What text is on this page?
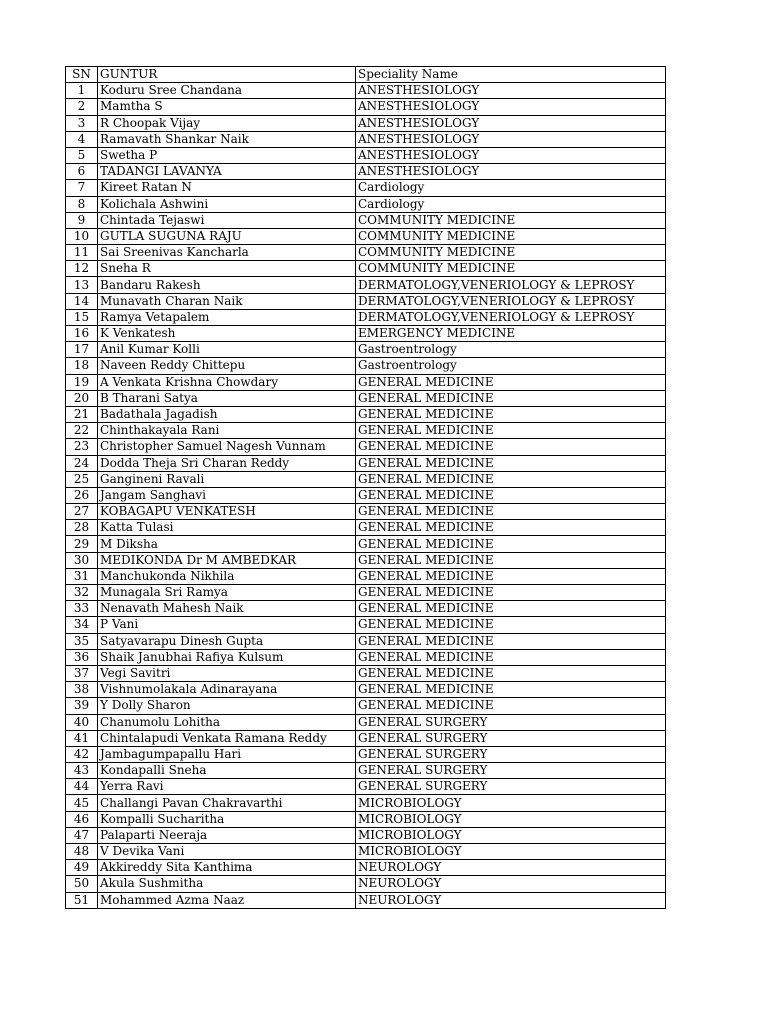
SN	GUNTUR	Speciality Name
1	Koduru Sree Chandana	ANESTHESIOLOGY
2	Mamtha S	ANESTHESIOLOGY
3	R Choopak Vijay	ANESTHESIOLOGY
4	Ramavath Shankar Naik	ANESTHESIOLOGY
5	Swetha P	ANESTHESIOLOGY
6	TADANGI LAVANYA	ANESTHESIOLOGY
7	Kireet Ratan N	Cardiology
8	Kolichala Ashwini	Cardiology
9	Chintada Tejaswi	COMMUNITY MEDICINE
10	GUTLA SUGUNA RAJU	COMMUNITY MEDICINE
11	Sai Sreenivas Kancharla	COMMUNITY MEDICINE
12	Sneha R	COMMUNITY MEDICINE
13	Bandaru Rakesh	DERMATOLOGY,VENERIOLOGY & LEPROSY
14	Munavath Charan Naik	DERMATOLOGY,VENERIOLOGY & LEPROSY
15	Ramya Vetapalem	DERMATOLOGY,VENERIOLOGY & LEPROSY
16	K Venkatesh	EMERGENCY MEDICINE
17	Anil Kumar Kolli	Gastroentrology
18	Naveen Reddy Chittepu	Gastroentrology
19	A Venkata Krishna Chowdary	GENERAL MEDICINE
20	B Tharani Satya	GENERAL MEDICINE
21	Badathala Jagadish	GENERAL MEDICINE
22	Chinthakayala Rani	GENERAL MEDICINE
23	Christopher Samuel Nagesh Vunnam	GENERAL MEDICINE
24	Dodda Theja Sri Charan Reddy	GENERAL MEDICINE
25	Gangineni Ravali	GENERAL MEDICINE
26	Jangam Sanghavi	GENERAL MEDICINE
27	KOBAGAPU VENKATESH	GENERAL MEDICINE
28	Katta Tulasi	GENERAL MEDICINE
29	M Diksha	GENERAL MEDICINE
30	MEDIKONDA Dr M AMBEDKAR	GENERAL MEDICINE
31	Manchukonda Nikhila	GENERAL MEDICINE
32	Munagala Sri Ramya	GENERAL MEDICINE
33	Nenavath Mahesh Naik	GENERAL MEDICINE
34	P Vani	GENERAL MEDICINE
35	Satyavarapu Dinesh Gupta	GENERAL MEDICINE
36	Shaik Janubhai Rafiya Kulsum	GENERAL MEDICINE
37	Vegi Savitri	GENERAL MEDICINE
38	Vishnumolakala Adinarayana	GENERAL MEDICINE
39	Y Dolly Sharon	GENERAL MEDICINE
40	Chanumolu Lohitha	GENERAL SURGERY
41	Chintalapudi Venkata Ramana Reddy	GENERAL SURGERY
42	Jambagumpapallu Hari	GENERAL SURGERY
43	Kondapalli Sneha	GENERAL SURGERY
44	Yerra Ravi	GENERAL SURGERY
45	Challangi Pavan Chakravarthi	MICROBIOLOGY
46	Kompalli Sucharitha	MICROBIOLOGY
47	Palaparti Neeraja	MICROBIOLOGY
48	V Devika Vani	MICROBIOLOGY
49	Akkireddy Sita Kanthima	NEUROLOGY
50	Akula Sushmitha	NEUROLOGY
51	Mohammed Azma Naaz	NEUROLOGY
